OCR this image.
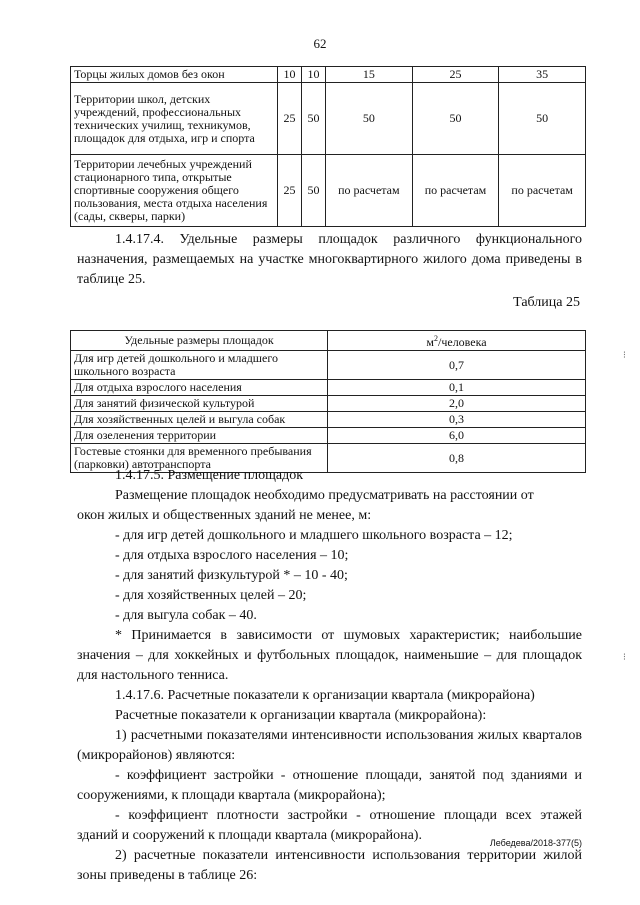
62
Торцы жилых домов без окон	10	10	15	25	35
Территории школ, детских учреждений, профессиональных технических училищ, техникумов, площадок для отдыха, игр и спорта	25	50	50	50	50
Территории лечебных учреждений стационарного типа, открытые спортивные сооружения общего пользования, места отдыха населения (сады, скверы, парки)	25	50	по расчетам	по расчетам	по расчетам
1.4.17.4. Удельные размеры площадок различного функционального назначения, размещаемых на участке многоквартирного жилого дома приведены в таблице 25.
Таблица 25
Удельные размеры площадок	$м^2$/человека
Для игр детей дошкольного и младшего школьного возраста	0,7
Для отдыха взрослого населения	0,1
Для занятий физической культурой	2,0
Для хозяйственных целей и выгула собак	0,3
Для озеленения территории	6,0
Гостевые стоянки для временного пребывания (парковки) автотранспорта	0,8
1.4.17.5. Размещение площадок
Размещение площадок необходимо предусматривать на расстоянии от
окон жилых и общественных зданий не менее, м:
- для игр детей дошкольного и младшего школьного возраста – 12;
- для отдыха взрослого населения – 10;
- для занятий физкультурой * – 10 - 40;
- для хозяйственных целей – 20;
- для выгула собак – 40.
* Принимается в зависимости от шумовых характеристик; наибольшие значения – для хоккейных и футбольных площадок, наименьшие – для площадок для настольного тенниса.
1.4.17.6. Расчетные показатели к организации квартала (микрорайона)
Расчетные показатели к организации квартала (микрорайона):
1) расчетными показателями интенсивности использования жилых кварталов (микрорайонов) являются:
- коэффициент застройки - отношение площади, занятой под зданиями и сооружениями, к площади квартала (микрорайона);
- коэффициент плотности застройки - отношение площади всех этажей зданий и сооружений к площади квартала (микрорайона).
2) расчетные показатели интенсивности использования территории жилой зоны приведены в таблице 26:
Лебедева/2018-377(5)
⁝
⁝
